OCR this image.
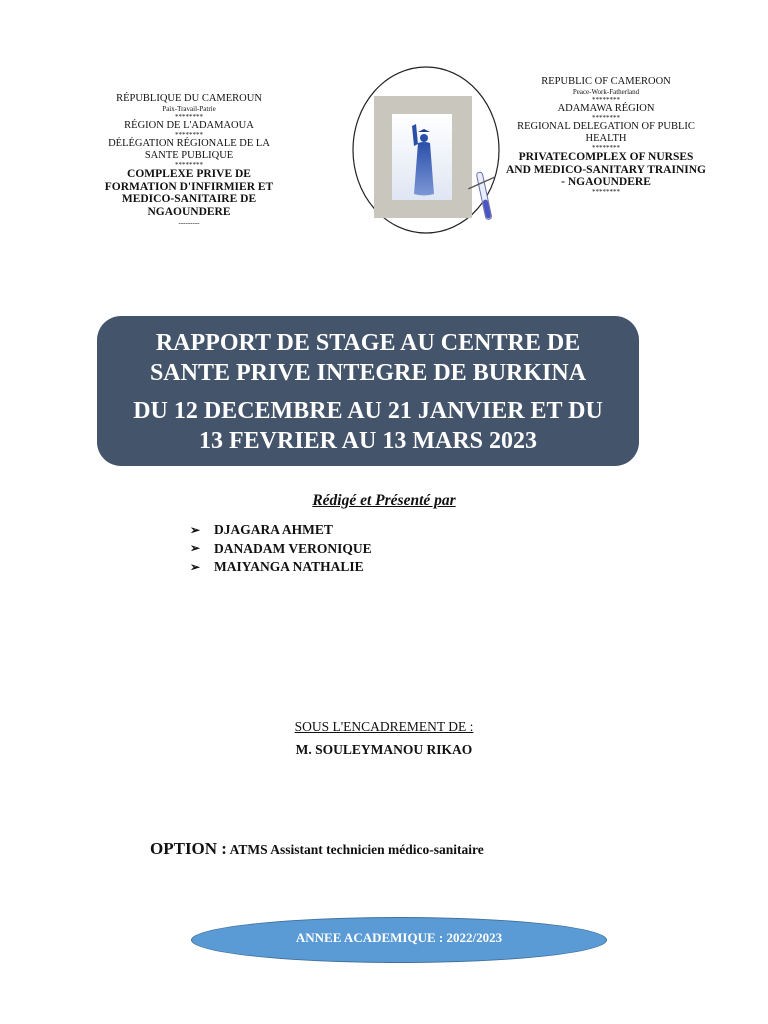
RÉPUBLIQUE DU CAMEROUN
Paix-Travail-Patrie
********
RÉGION DE L'ADAMAOUA
********
DÉLÉGATION RÉGIONALE DE LA
SANTE PUBLIQUE
********
COMPLEXE PRIVE DE
FORMATION D'INFIRMIER ET
MEDICO-SANITAIRE DE
NGAOUNDERE
---------
REPUBLIC OF CAMEROON
Peace-Work-Fatherland
********
ADAMAWA RÉGION
********
REGIONAL DELEGATION OF PUBLIC
HEALTH
********
PRIVATECOMPLEX OF NURSES
AND MEDICO-SANITARY TRAINING
- NGAOUNDERE
********
RAPPORT DE STAGE AU CENTRE DE
SANTE PRIVE INTEGRE DE BURKINA
DU 12 DECEMBRE AU 21 JANVIER ET DU
13 FEVRIER AU 13 MARS 2023
Rédigé et Présenté par
➢	DJAGARA AHMET
➢	DANADAM VERONIQUE
➢	MAIYANGA NATHALIE
SOUS L'ENCADREMENT DE :
M. SOULEYMANOU RIKAO
OPTION : ATMS Assistant technicien médico-sanitaire
ANNEE ACADEMIQUE : 2022/2023
